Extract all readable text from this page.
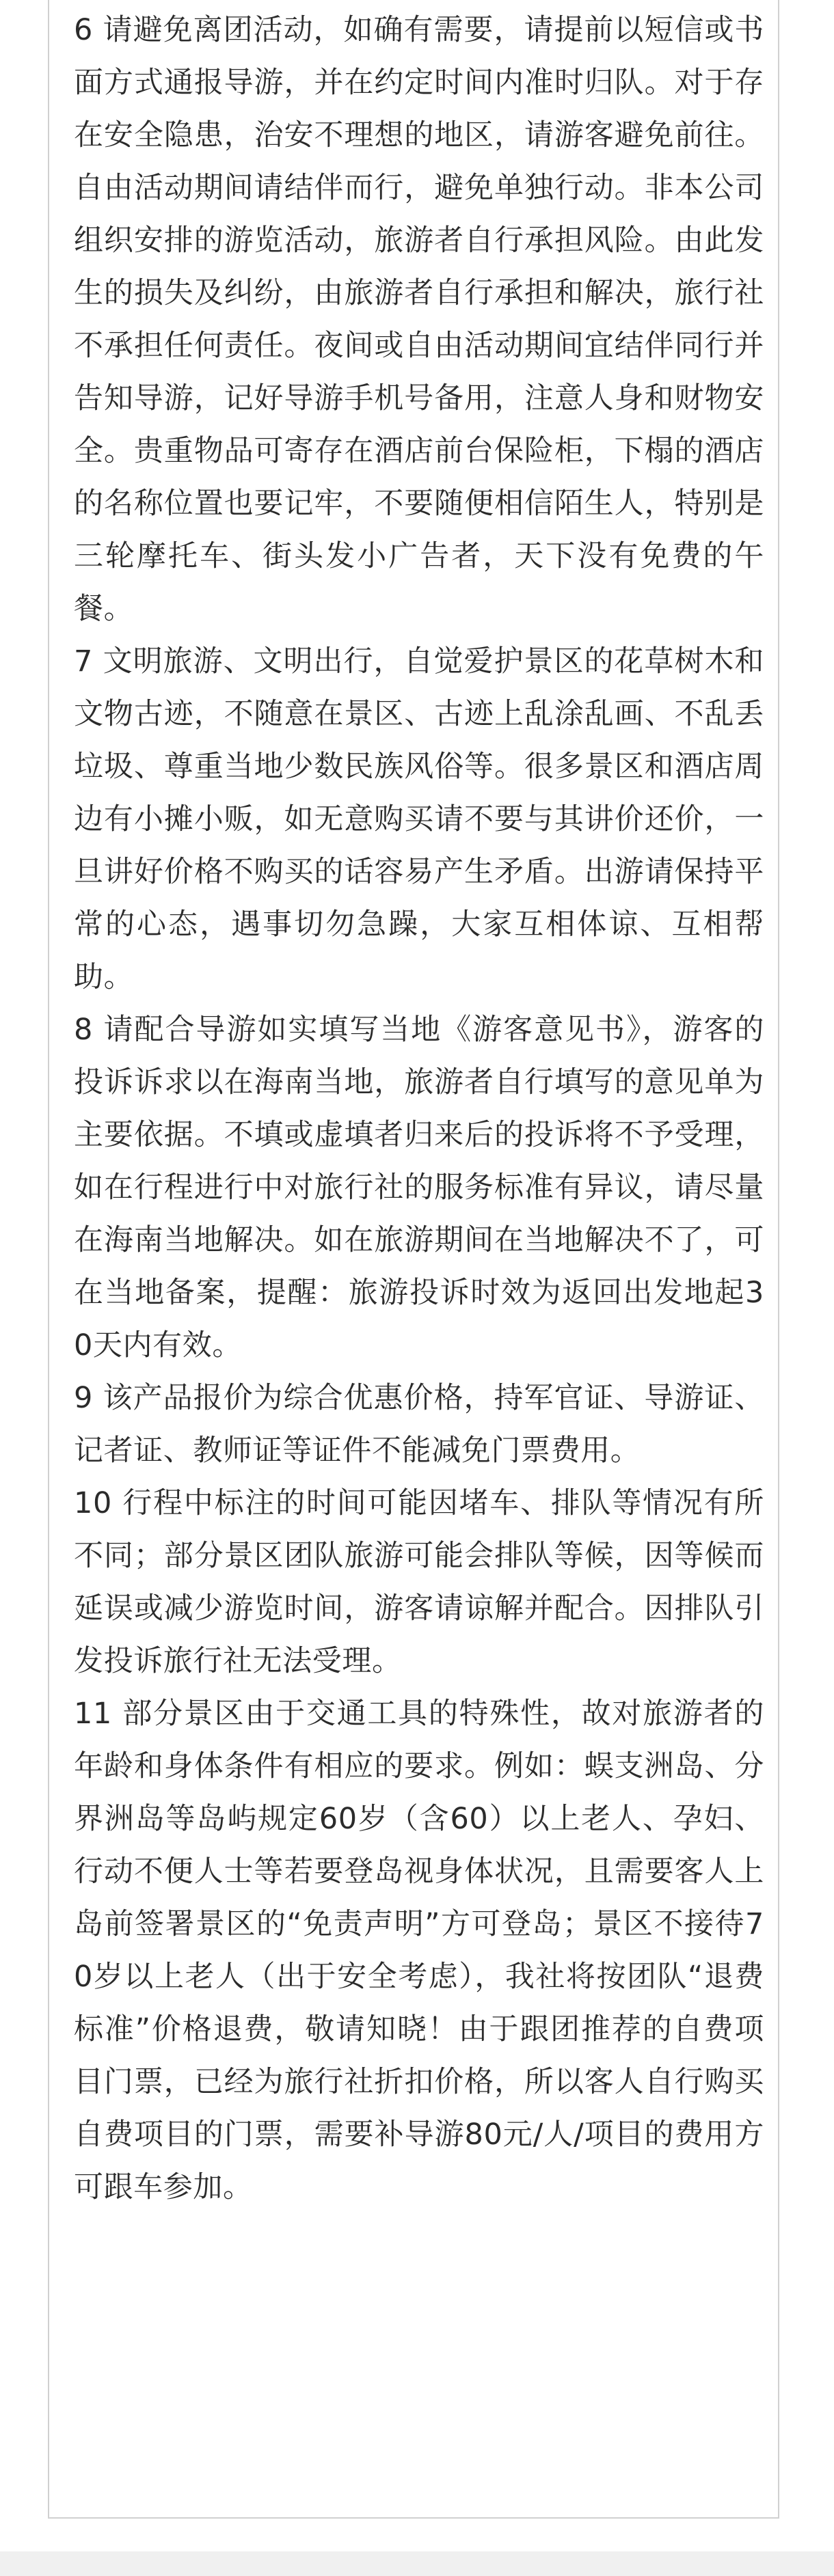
6 请避免离团活动，如确有需要，请提前以短信或书面方式通报导游，并在约定时间内准时归队。对于存在安全隐患，治安不理想的地区，请游客避免前往。自由活动期间请结伴而行，避免单独行动。非本公司组织安排的游览活动，旅游者自行承担风险。由此发生的损失及纠纷，由旅游者自行承担和解决，旅行社不承担任何责任。夜间或自由活动期间宜结伴同行并告知导游，记好导游手机号备用，注意人身和财物安全。贵重物品可寄存在酒店前台保险柜，下榻的酒店的名称位置也要记牢，不要随便相信陌生人，特别是三轮摩托车、街头发小广告者，天下没有免费的午餐。

7 文明旅游、文明出行，自觉爱护景区的花草树木和文物古迹，不随意在景区、古迹上乱涂乱画、不乱丢垃圾、尊重当地少数民族风俗等。很多景区和酒店周边有小摊小贩，如无意购买请不要与其讲价还价，一旦讲好价格不购买的话容易产生矛盾。出游请保持平常的心态，遇事切勿急躁，大家互相体谅、互相帮助。

8 请配合导游如实填写当地《游客意见书》，游客的投诉诉求以在海南当地，旅游者自行填写的意见单为主要依据。不填或虚填者归来后的投诉将不予受理，如在行程进行中对旅行社的服务标准有异议，请尽量在海南当地解决。如在旅游期间在当地解决不了，可在当地备案，提醒：旅游投诉时效为返回出发地起30天内有效。

9 该产品报价为综合优惠价格，持军官证、导游证、记者证、教师证等证件不能减免门票费用。

10 行程中标注的时间可能因堵车、排队等情况有所不同；部分景区团队旅游可能会排队等候，因等候而延误或减少游览时间，游客请谅解并配合。因排队引发投诉旅行社无法受理。

11 部分景区由于交通工具的特殊性，故对旅游者的年龄和身体条件有相应的要求。例如：蜈支洲岛、分界洲岛等岛屿规定60岁（含60）以上老人、孕妇、行动不便人士等若要登岛视身体状况，且需要客人上岛前签署景区的“免责声明”方可登岛；景区不接待70岁以上老人（出于安全考虑），我社将按团队“退费标准”价格退费，敬请知晓！由于跟团推荐的自费项目门票，已经为旅行社折扣价格，所以客人自行购买自费项目的门票，需要补导游80元/人/项目的费用方可跟车参加。
